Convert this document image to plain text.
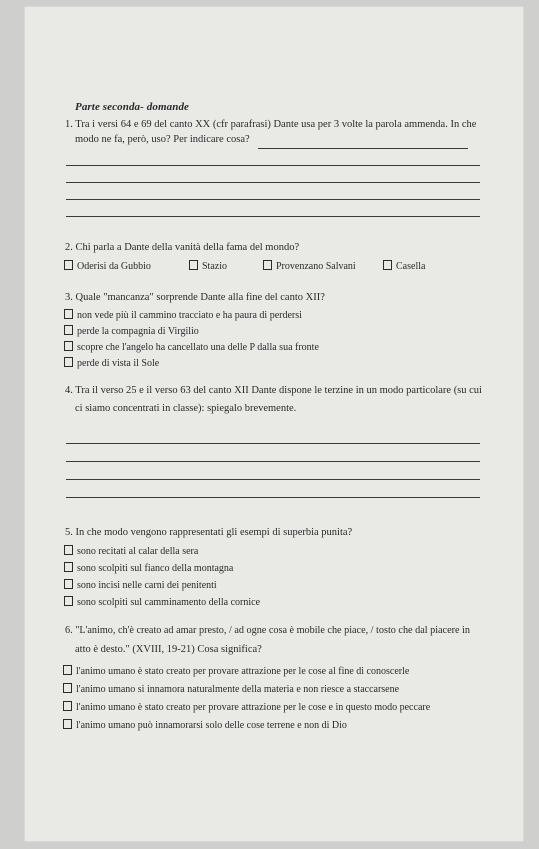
Parte seconda- domande
1. Tra i versi 64 e 69 del canto XX (cfr parafrasi) Dante usa per 3 volte la parola ammenda. In che
modo ne fa, però, uso? Per indicare cosa?
2. Chi parla a Dante della vanità della fama del mondo?
Oderisi da Gubbio	Stazio	Provenzano Salvani	Casella
3. Quale "mancanza" sorprende Dante alla fine del canto XII?
non vede più il cammino tracciato e ha paura di perdersi
perde la compagnia di Virgilio
scopre che l'angelo ha cancellato una delle P dalla sua fronte
perde di vista il Sole
4. Tra il verso 25 e il verso 63 del canto XII Dante dispone le terzine in un modo particolare (su cui
ci siamo concentrati in classe): spiegalo brevemente.
5. In che modo vengono rappresentati gli esempi di superbia punita?
sono recitati al calar della sera
sono scolpiti sul fianco della montagna
sono incisi nelle carni dei penitenti
sono scolpiti sul camminamento della cornice
6. "L'animo, ch'è creato ad amar presto, / ad ogne cosa è mobile che piace, / tosto che dal piacere in
atto è desto." (XVIII, 19-21) Cosa significa?
l'animo umano è stato creato per provare attrazione per le cose al fine di conoscerle
l'animo umano si innamora naturalmente della materia e non riesce a staccarsene
l'animo umano è stato creato per provare attrazione per le cose e in questo modo peccare
l'animo umano può innamorarsi solo delle cose terrene e non di Dio
